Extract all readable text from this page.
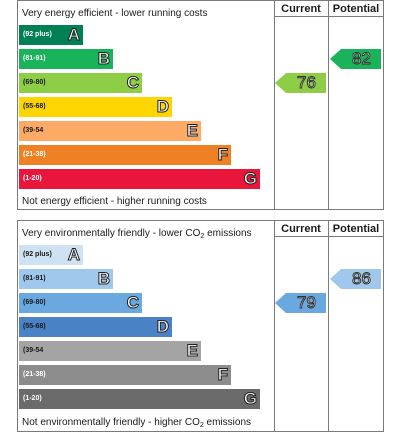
Current	Potential
Very energy efficient - lower running costs
Not energy efficient - higher running costs
(92 plus) A
(81-91)	B
(69-80)	C
(55-68)	D
(39-54	E
(21-38)	F
(1-20)	G
76
82
Current	Potential
Very environmentally friendly - lower $CO_2$ emissions
Not environmentally friendly - higher $CO_2$ emissions
(92 plus) A
(81-91)	B
(69-80)	C
(55-68)	D
(39-54	E
(21-38)	F
(1-20)	G
79
86
